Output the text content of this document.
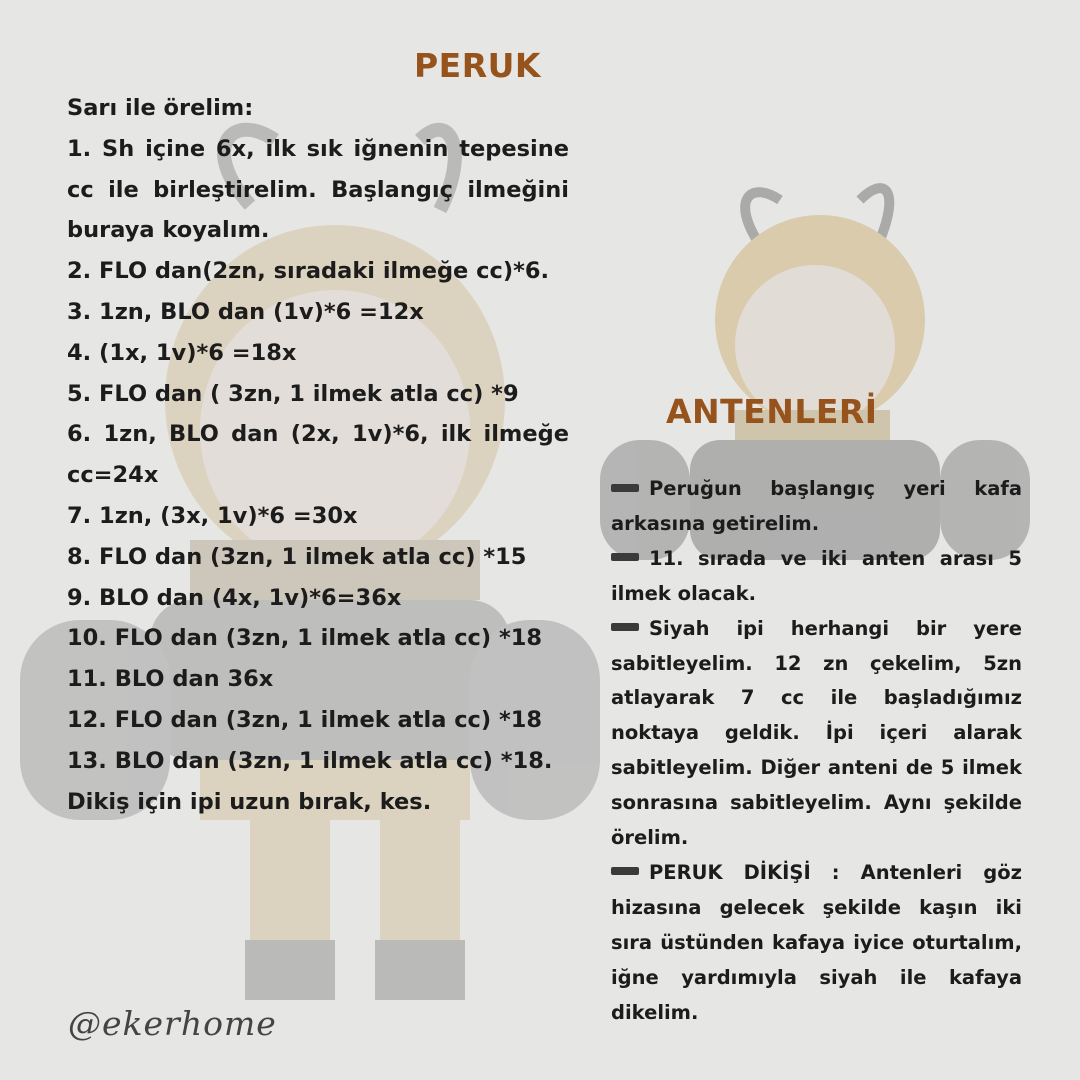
PERUK

Sarı ile örelim:

1. Sh içine 6x, ilk sık iğnenin tepesine cc ile birleştirelim. Başlangıç ilmeğini buraya koyalım.

2. FLO dan(2zn, sıradaki ilmeğe cc)*6.

3. 1zn, BLO dan (1v)*6 =12x

4. (1x, 1v)*6 =18x

5. FLO dan ( 3zn, 1 ilmek atla cc) *9

6. 1zn, BLO dan (2x, 1v)*6, ilk ilmeğe cc=24x

7. 1zn, (3x, 1v)*6 =30x

8. FLO dan (3zn, 1 ilmek atla cc) *15

9. BLO dan (4x, 1v)*6=36x

10. FLO dan (3zn, 1 ilmek atla cc) *18

11. BLO dan 36x

12. FLO dan (3zn, 1 ilmek atla cc) *18

13. BLO dan (3zn, 1 ilmek atla cc) *18.

Dikiş için ipi uzun bırak, kes.

ANTENLERİ

Peruğun başlangıç yeri kafa arkasına getirelim.

11. sırada ve iki anten arası 5 ilmek olacak.

Siyah ipi herhangi bir yere sabitleyelim. 12 zn çekelim, 5zn atlayarak 7 cc ile başladığımız noktaya geldik. İpi içeri alarak sabitleyelim. Diğer anteni de 5 ilmek sonrasına sabitleyelim. Aynı şekilde örelim.

PERUK DİKİŞİ : Antenleri göz hizasına gelecek şekilde kaşın iki sıra üstünden kafaya iyice oturtalım, iğne yardımıyla siyah ile kafaya dikelim.

@ekerhome
